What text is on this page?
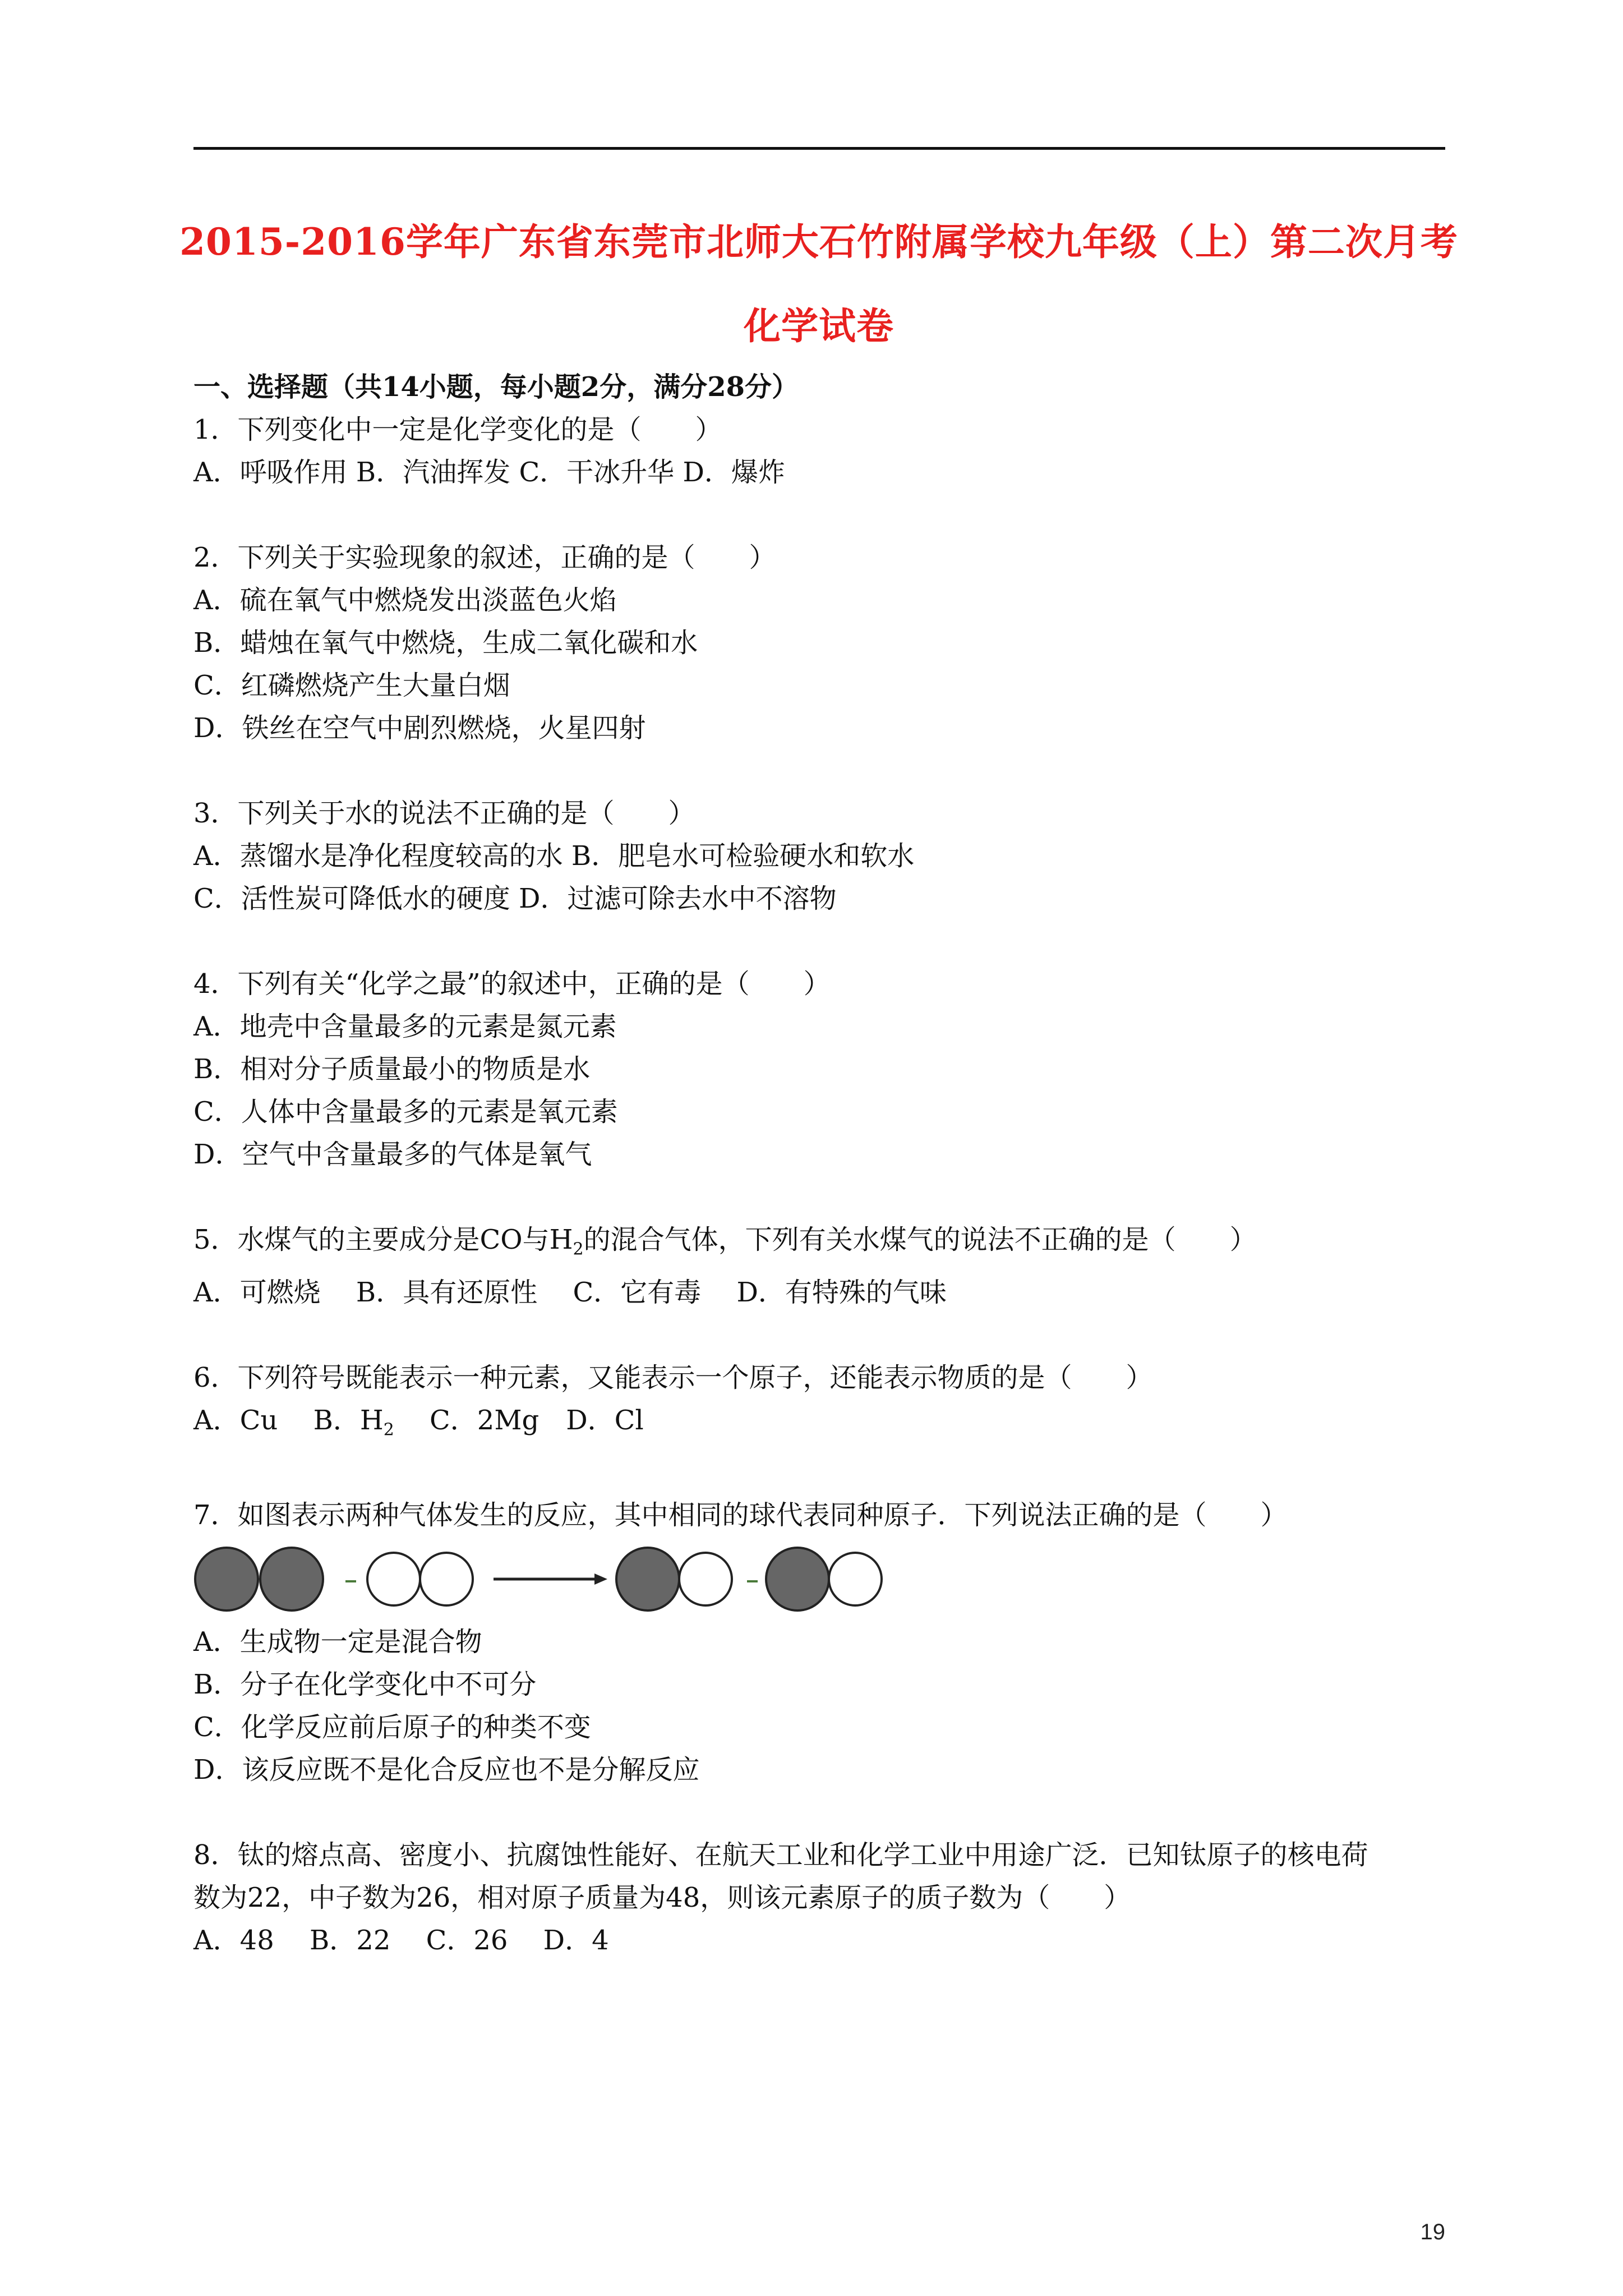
2015-2016学年广东省东莞市北师大石竹附属学校九年级（上）第二次月考
化学试卷

一、选择题（共14小题，每小题2分，满分28分）

1．下列变化中一定是化学变化的是（　　）

A．呼吸作用 B．汽油挥发 C．干冰升华 D．爆炸

2．下列关于实验现象的叙述，正确的是（　　）

A．硫在氧气中燃烧发出淡蓝色火焰

B．蜡烛在氧气中燃烧，生成二氧化碳和水

C．红磷燃烧产生大量白烟

D．铁丝在空气中剧烈燃烧，火星四射

3．下列关于水的说法不正确的是（　　）

A．蒸馏水是净化程度较高的水 B．肥皂水可检验硬水和软水

C．活性炭可降低水的硬度 D．过滤可除去水中不溶物

4．下列有关“化学之最”的叙述中，正确的是（　　）

A．地壳中含量最多的元素是氮元素

B．相对分子质量最小的物质是水

C．人体中含量最多的元素是氧元素

D．空气中含量最多的气体是氧气

5．水煤气的主要成分是CO与$H_2$的混合气体，下列有关水煤气的说法不正确的是（　　）

A．可燃烧　 B．具有还原性　 C．它有毒　 D．有特殊的气味

6．下列符号既能表示一种元素，又能表示一个原子，还能表示物质的是（　　）

A．Cu　 B．$H_2$　 C．2Mg　D．Cl

7．如图表示两种气体发生的反应，其中相同的球代表同种原子．下列说法正确的是（　　）

A．生成物一定是混合物

B．分子在化学变化中不可分

C．化学反应前后原子的种类不变

D．该反应既不是化合反应也不是分解反应

8．钛的熔点高、密度小、抗腐蚀性能好、在航天工业和化学工业中用途广泛．已知钛原子的核电荷

数为22，中子数为26，相对原子质量为48，则该元素原子的质子数为（　　）

A．48　 B．22　 C．26　 D．4

19
